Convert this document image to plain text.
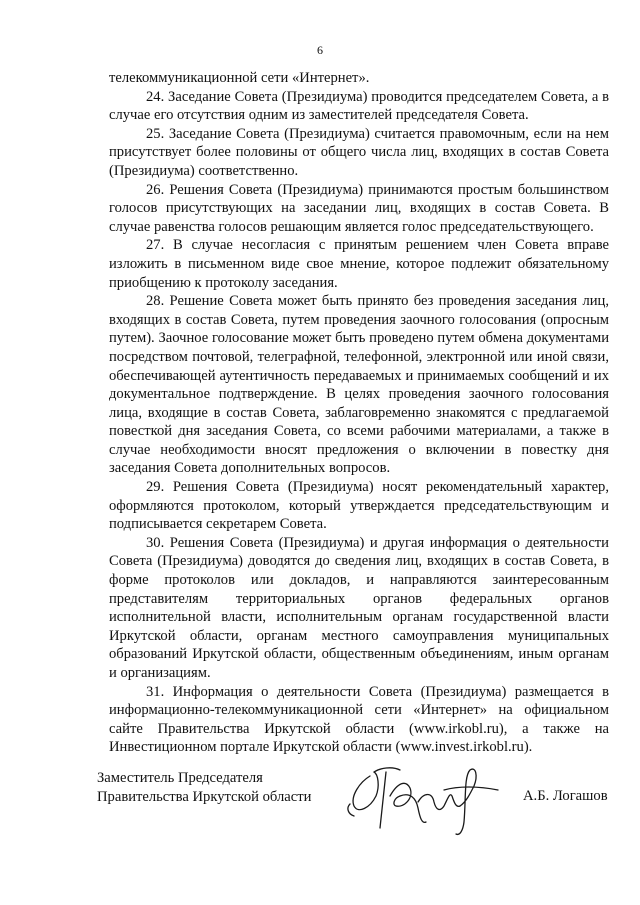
6

телекоммуникационной сети «Интернет».

24. Заседание Совета (Президиума) проводится председателем Совета, а в случае его отсутствия одним из заместителей председателя Совета.

25. Заседание Совета (Президиума) считается правомочным, если на нем присутствует более половины от общего числа лиц, входящих в состав Совета (Президиума) соответственно.

26. Решения Совета (Президиума) принимаются простым большинством голосов присутствующих на заседании лиц, входящих в состав Совета. В случае равенства голосов решающим является голос председательствующего.

27. В случае несогласия с принятым решением член Совета вправе изложить в письменном виде свое мнение, которое подлежит обязательному приобщению к протоколу заседания.

28. Решение Совета может быть принято без проведения заседания лиц, входящих в состав Совета, путем проведения заочного голосования (опросным путем). Заочное голосование может быть проведено путем обмена документами посредством почтовой, телеграфной, телефонной, электронной или иной связи, обеспечивающей аутентичность передаваемых и принимаемых сообщений и их документальное подтверждение. В целях проведения заочного голосования лица, входящие в состав Совета, заблаговременно знакомятся с предлагаемой повесткой дня заседания Совета, со всеми рабочими материалами, а также в случае необходимости вносят предложения о включении в повестку дня заседания Совета дополнительных вопросов.

29. Решения Совета (Президиума) носят рекомендательный характер, оформляются протоколом, который утверждается председательствующим и подписывается секретарем Совета.

30. Решения Совета (Президиума) и другая информация о деятельности Совета (Президиума) доводятся до сведения лиц, входящих в состав Совета, в форме протоколов или докладов, и направляются заинтересованным представителям территориальных органов федеральных органов исполнительной власти, исполнительным органам государственной власти Иркутской области, органам местного самоуправления муниципальных образований Иркутской области, общественным объединениям, иным органам и организациям.

31. Информация о деятельности Совета (Президиума) размещается в информационно-телекоммуникационной сети «Интернет» на официальном сайте Правительства Иркутской области (www.irkobl.ru), а также на Инвестиционном портале Иркутской области (www.invest.irkobl.ru).

Заместитель Председателя
Правительства Иркутской области	А.Б. Логашов
